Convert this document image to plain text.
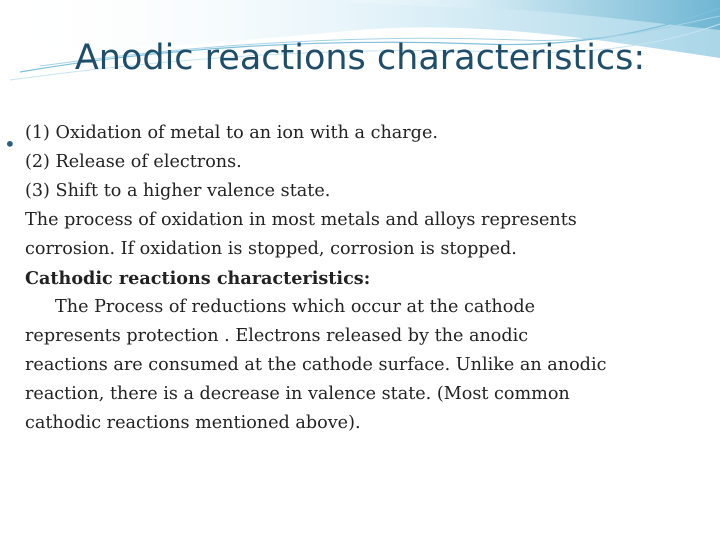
Anodic reactions characteristics:
• (1) Oxidation of metal to an ion with a charge.
(2) Release of electrons.
(3) Shift to a higher valence state.
The process of oxidation in most metals and alloys represents
corrosion. If oxidation is stopped, corrosion is stopped.
Cathodic reactions characteristics:
The Process of reductions which occur at the cathode
represents protection . Electrons released by the anodic
reactions are consumed at the cathode surface. Unlike an anodic
reaction, there is a decrease in valence state. (Most common
cathodic reactions mentioned above).
